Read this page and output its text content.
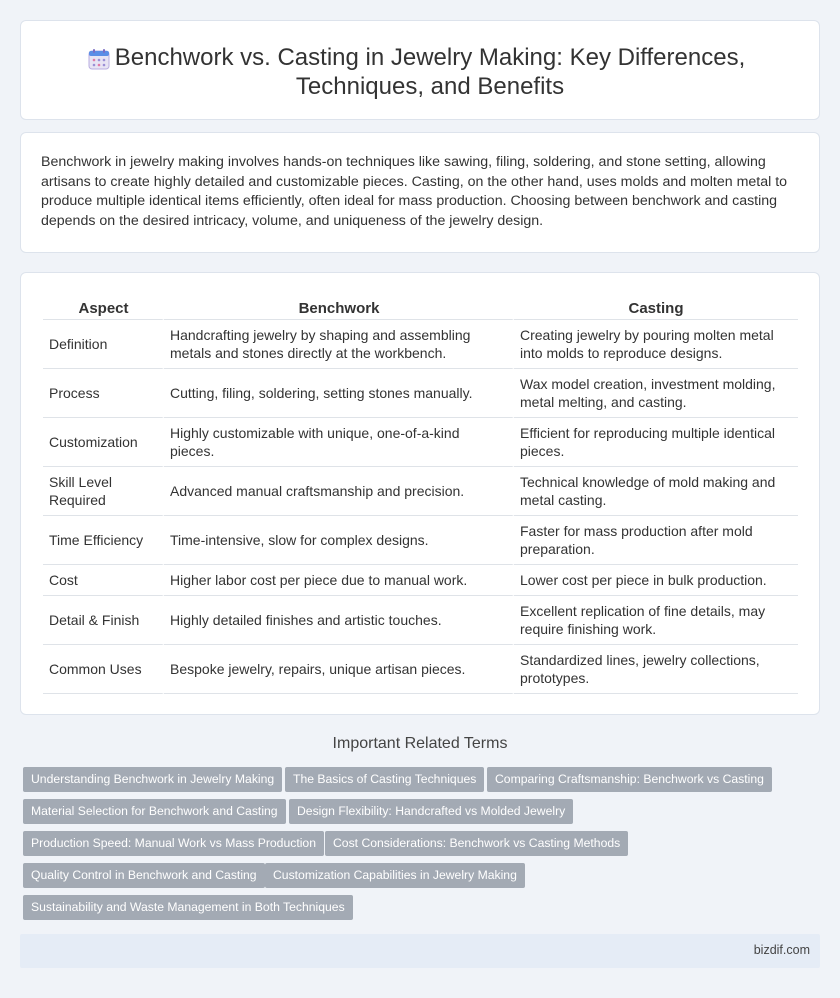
Benchwork vs. Casting in Jewelry Making: Key Differences, Techniques, and Benefits

Benchwork in jewelry making involves hands-on techniques like sawing, filing, soldering, and stone setting, allowing artisans to create highly detailed and customizable pieces. Casting, on the other hand, uses molds and molten metal to produce multiple identical items efficiently, often ideal for mass production. Choosing between benchwork and casting depends on the desired intricacy, volume, and uniqueness of the jewelry design.

Aspect	Benchwork	Casting
Definition	Handcrafting jewelry by shaping and assembling metals and stones directly at the workbench.	Creating jewelry by pouring molten metal into molds to reproduce designs.
Process	Cutting, filing, soldering, setting stones manually.	Wax model creation, investment molding, metal melting, and casting.
Customization	Highly customizable with unique, one-of-a-kind pieces.	Efficient for reproducing multiple identical pieces.
Skill Level Required	Advanced manual craftsmanship and precision.	Technical knowledge of mold making and metal casting.
Time Efficiency	Time-intensive, slow for complex designs.	Faster for mass production after mold preparation.
Cost	Higher labor cost per piece due to manual work.	Lower cost per piece in bulk production.
Detail & Finish	Highly detailed finishes and artistic touches.	Excellent replication of fine details, may require finishing work.
Common Uses	Bespoke jewelry, repairs, unique artisan pieces.	Standardized lines, jewelry collections, prototypes.
Important Related Terms
Understanding Benchwork in Jewelry Making	The Basics of Casting Techniques	Comparing Craftsmanship: Benchwork vs Casting
Material Selection for Benchwork and Casting	Design Flexibility: Handcrafted vs Molded Jewelry
Production Speed: Manual Work vs Mass Production	Cost Considerations: Benchwork vs Casting Methods
Quality Control in Benchwork and Casting	Customization Capabilities in Jewelry Making
Sustainability and Waste Management in Both Techniques
bizdif.com
